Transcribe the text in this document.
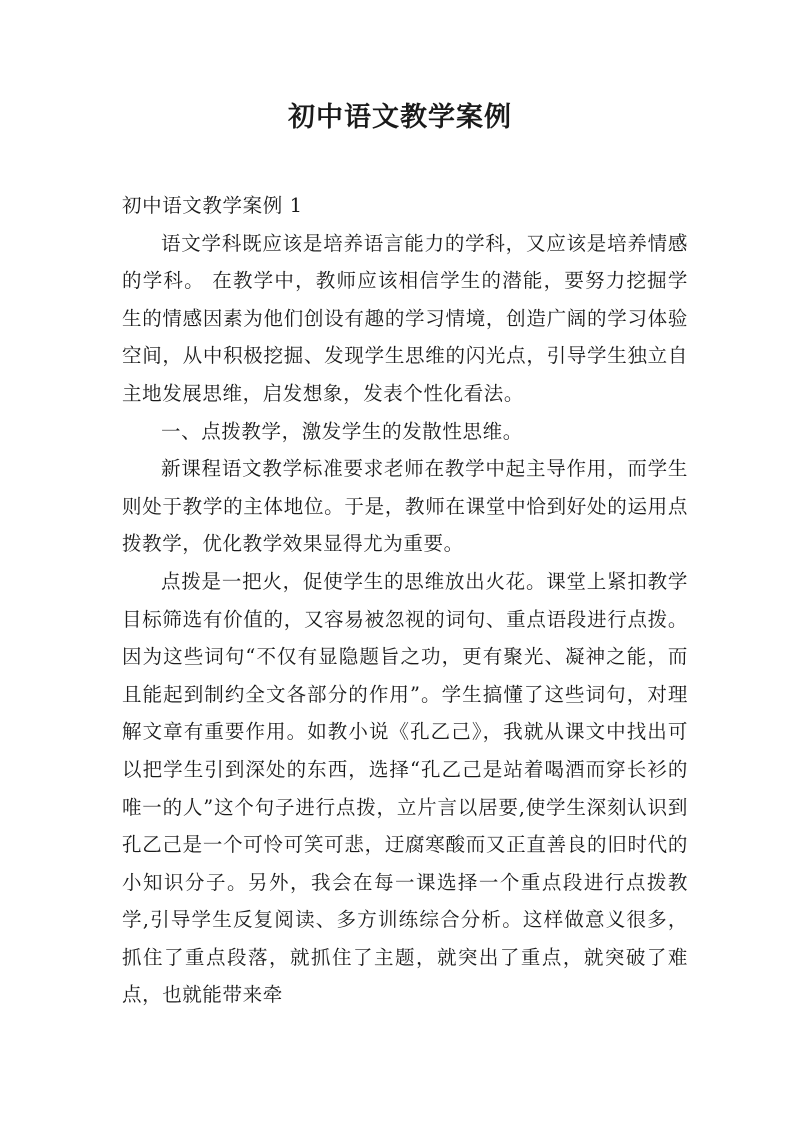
初中语文教学案例

初中语文教学案例 1

语文学科既应该是培养语言能力的学科，又应该是培养情感的学科。 在教学中，教师应该相信学生的潜能，要努力挖掘学生的情感因素为他们创设有趣的学习情境，创造广阔的学习体验空间，从中积极挖掘、发现学生思维的闪光点，引导学生独立自主地发展思维，启发想象，发表个性化看法。

一、点拨教学，激发学生的发散性思维。

新课程语文教学标准要求老师在教学中起主导作用，而学生则处于教学的主体地位。于是，教师在课堂中恰到好处的运用点拨教学，优化教学效果显得尤为重要。

点拨是一把火，促使学生的思维放出火花。课堂上紧扣教学目标筛选有价值的，又容易被忽视的词句、重点语段进行点拨。因为这些词句“不仅有显隐题旨之功，更有聚光、凝神之能，而且能起到制约全文各部分的作用”。学生搞懂了这些词句，对理解文章有重要作用。如教小说《孔乙己》，我就从课文中找出可以把学生引到深处的东西，选择“孔乙己是站着喝酒而穿长衫的唯一的人”这个句子进行点拨，立片言以居要,使学生深刻认识到孔乙己是一个可怜可笑可悲，迂腐寒酸而又正直善良的旧时代的小知识分子。另外，我会在每一课选择一个重点段进行点拨教学,引导学生反复阅读、多方训练综合分析。这样做意义很多，抓住了重点段落，就抓住了主题，就突出了重点，就突破了难点，也就能带来牵
